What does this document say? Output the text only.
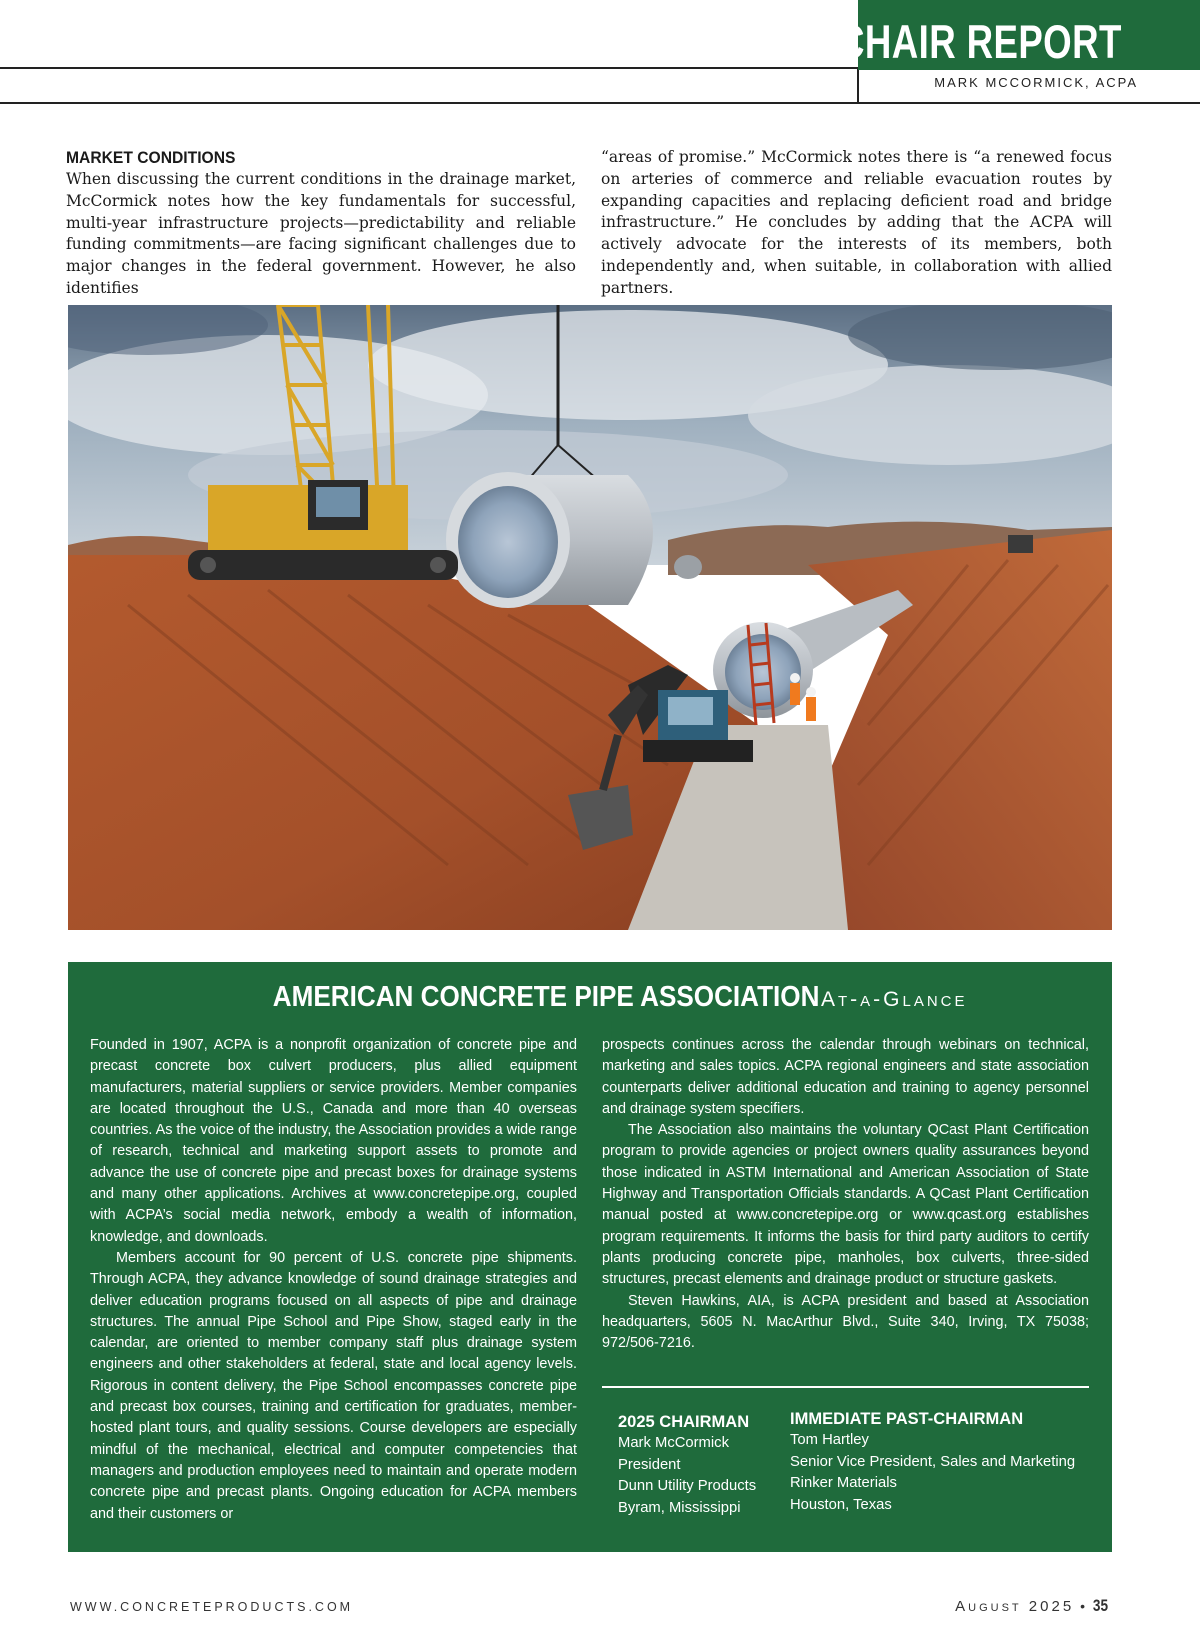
CHAIR REPORT
MARK MCCORMICK, ACPA
MARKET CONDITIONS

When discussing the current conditions in the drainage market, McCormick notes how the key fundamentals for successful, multi-year infrastructure projects—predictability and reliable funding commitments—are facing significant challenges due to major changes in the federal government. However, he also identifies

“areas of promise.” McCormick notes there is “a renewed focus on arteries of commerce and reliable evacuation routes by expanding capacities and replacing deficient road and bridge infrastructure.” He concludes by adding that the ACPA will actively advocate for the interests of its members, both independently and, when suitable, in collaboration with allied partners.

AMERICAN CONCRETE PIPE ASSOCIATION At-a-Glance

Founded in 1907, ACPA is a nonprofit organization of concrete pipe and precast concrete box culvert producers, plus allied equipment manufacturers, material suppliers or service providers. Member companies are located throughout the U.S., Canada and more than 40 overseas countries. As the voice of the industry, the Association provides a wide range of research, technical and marketing support assets to promote and advance the use of concrete pipe and precast boxes for drainage systems and many other applications. Archives at www.concretepipe.org, coupled with ACPA’s social media network, embody a wealth of information, knowledge, and downloads.

Members account for 90 percent of U.S. concrete pipe shipments. Through ACPA, they advance knowledge of sound drainage strategies and deliver education programs focused on all aspects of pipe and drainage structures. The annual Pipe School and Pipe Show, staged early in the calendar, are oriented to member company staff plus drainage system engineers and other stakeholders at federal, state and local agency levels. Rigorous in content delivery, the Pipe School encompasses concrete pipe and precast box courses, training and certification for graduates, member-hosted plant tours, and quality sessions. Course developers are especially mindful of the mechanical, electrical and computer competencies that managers and production employees need to maintain and operate modern concrete pipe and precast plants. Ongoing education for ACPA members and their customers or

prospects continues across the calendar through webinars on technical, marketing and sales topics. ACPA regional engineers and state association counterparts deliver additional education and training to agency personnel and drainage system specifiers.

The Association also maintains the voluntary QCast Plant Certification program to provide agencies or project owners quality assurances beyond those indicated in ASTM International and American Association of State Highway and Transportation Officials standards. A QCast Plant Certification manual posted at www.concretepipe.org or www.qcast.org establishes program requirements. It informs the basis for third party auditors to certify plants producing concrete pipe, manholes, box culverts, three-sided structures, precast elements and drainage product or structure gaskets.

Steven Hawkins, AIA, is ACPA president and based at Association headquarters, 5605 N. MacArthur Blvd., Suite 340, Irving, TX 75038; 972/506-7216.

2025 CHAIRMAN
Mark McCormick
President
Dunn Utility Products
Byram, Mississippi
IMMEDIATE PAST-CHAIRMAN
Tom Hartley
Senior Vice President, Sales and Marketing
Rinker Materials
Houston, Texas
WWW.CONCRETEPRODUCTS.COM	August 2025 • 35
